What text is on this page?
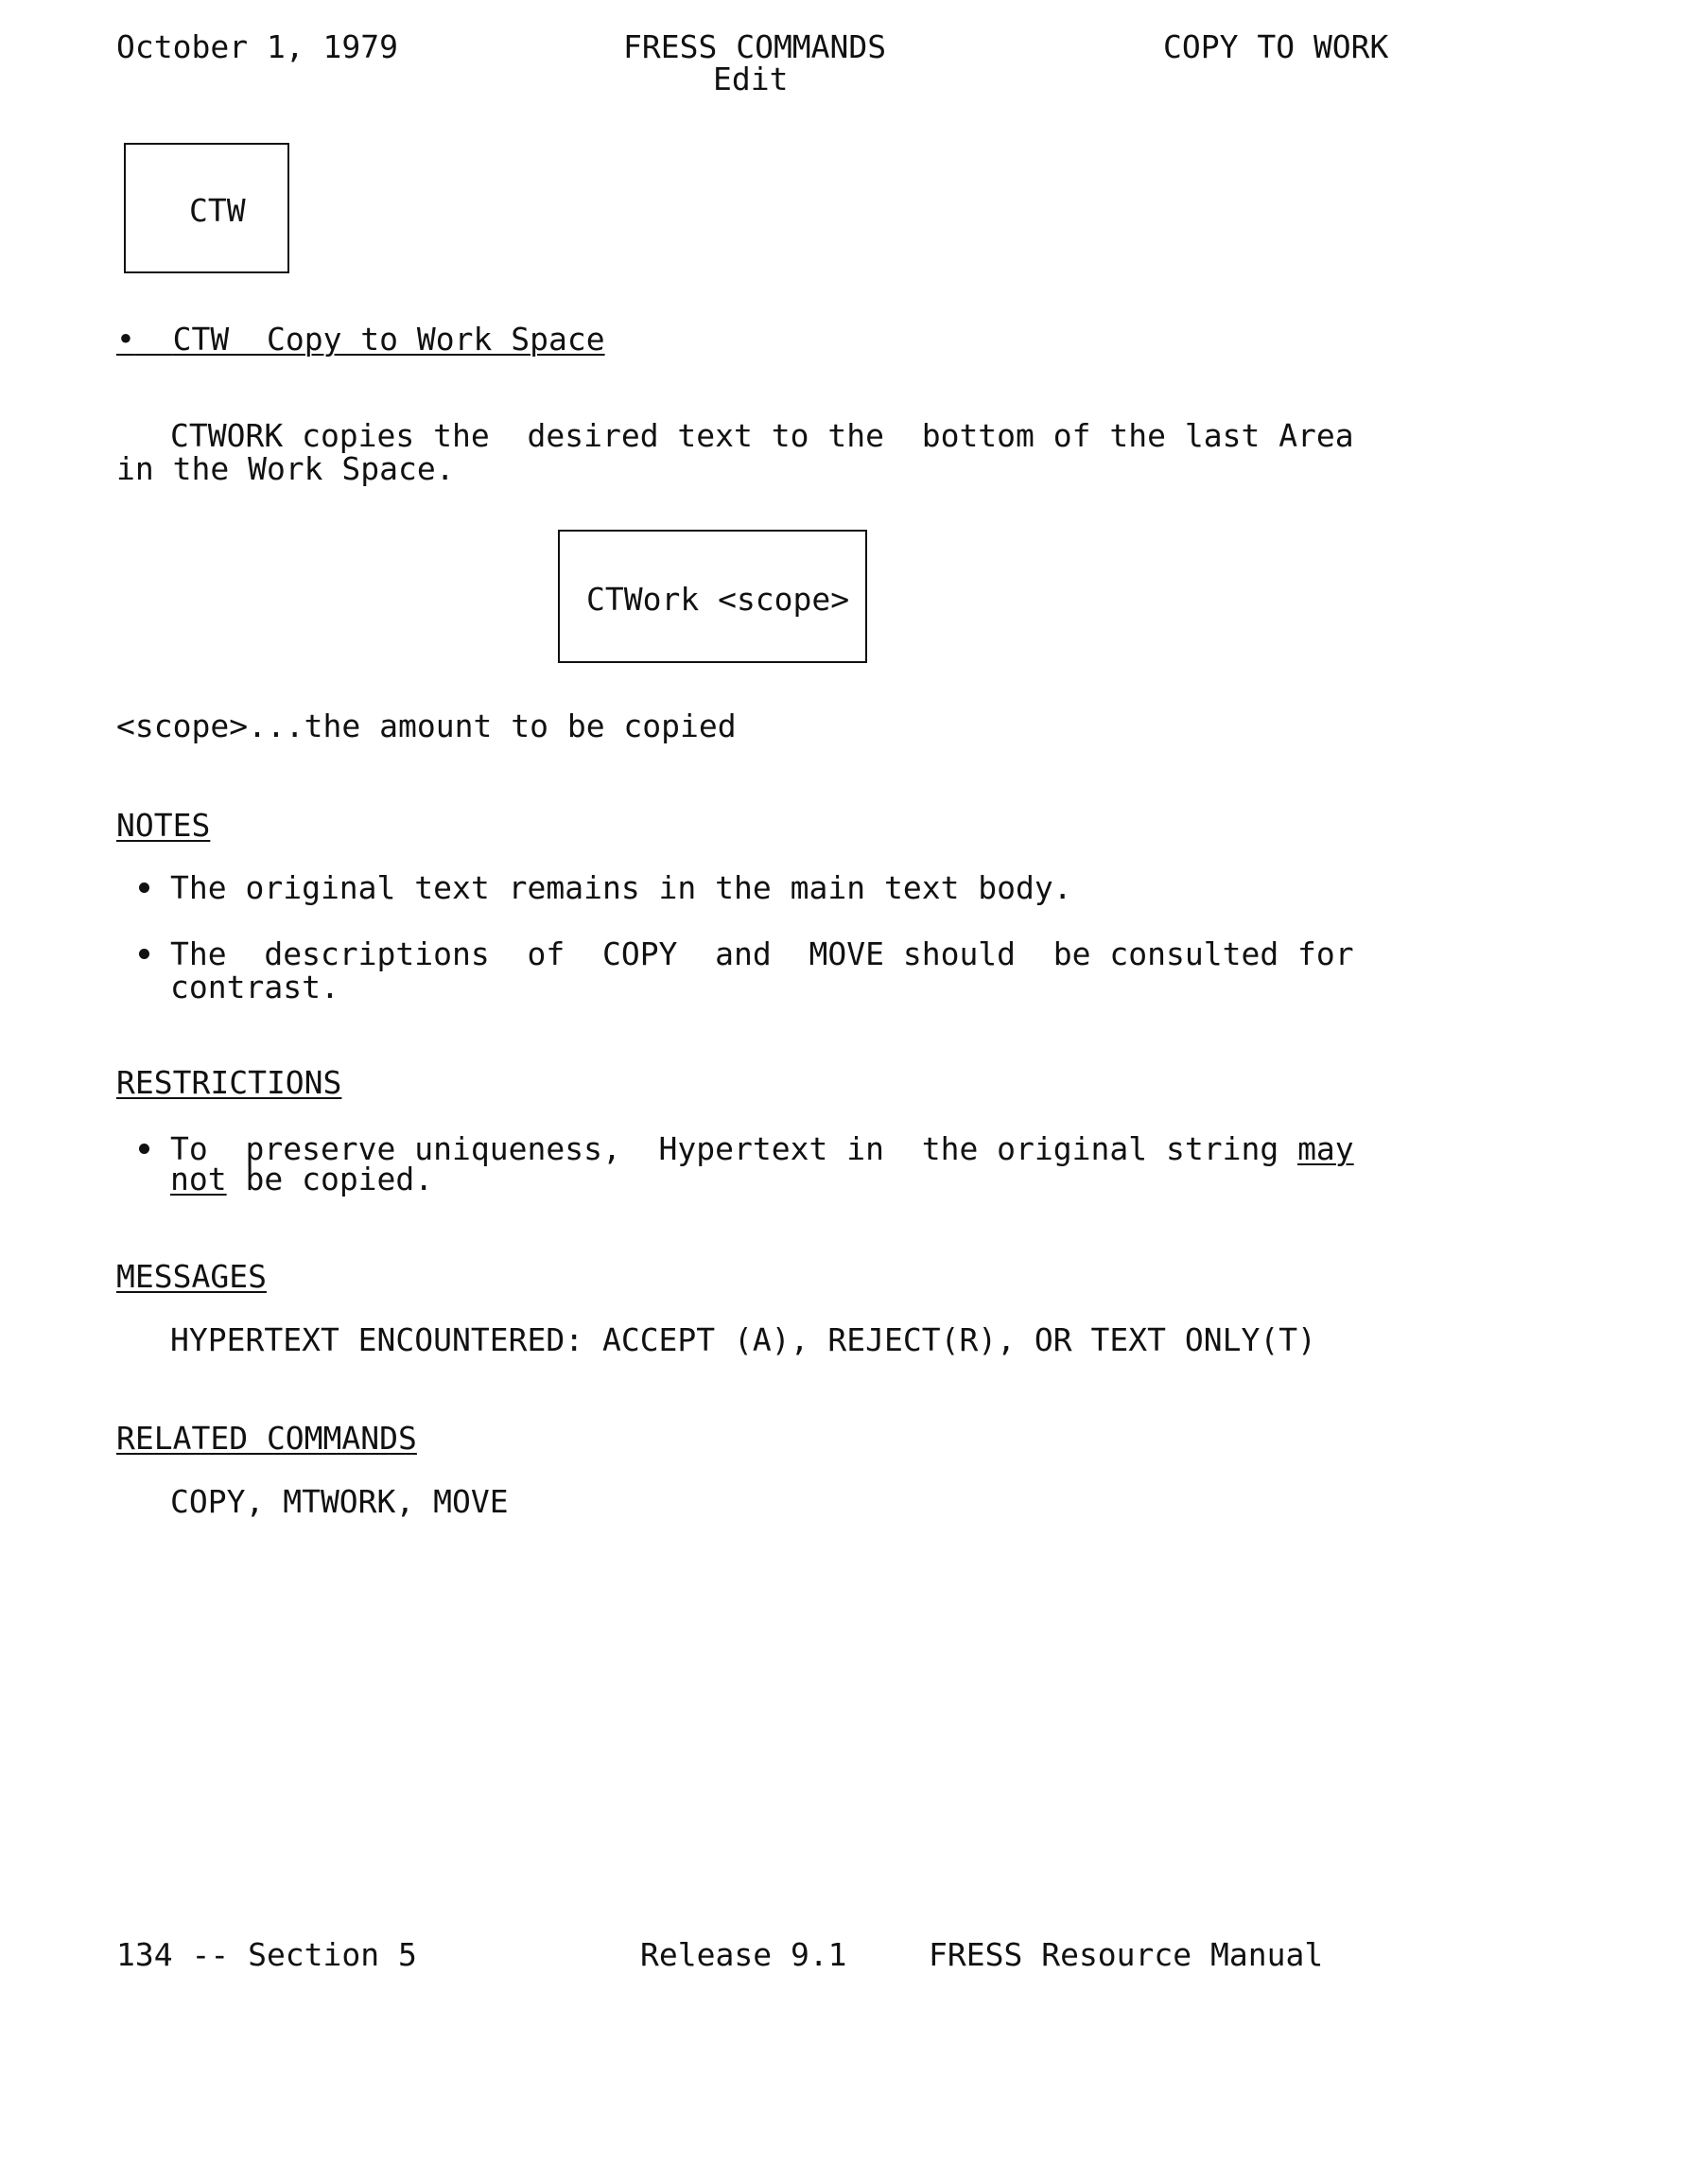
October 1, 1979	FRESS COMMANDS
Edit
COPY TO WORK
CTW
• CTW  Copy to Work Space
CTWORK copies the  desired text to the  bottom of the last Area
in the Work Space.
CTWork <scope>
<scope>...the amount to be copied
NOTES
The original text remains in the main text body.
The  descriptions  of  COPY  and  MOVE should  be consulted for
contrast.
RESTRICTIONS
To  preserve uniqueness,  Hypertext in  the original string may
not be copied.
MESSAGES
HYPERTEXT ENCOUNTERED: ACCEPT (A), REJECT(R), OR TEXT ONLY(T)
RELATED COMMANDS
COPY, MTWORK, MOVE
134 -- Section 5	Release 9.1	FRESS Resource Manual
